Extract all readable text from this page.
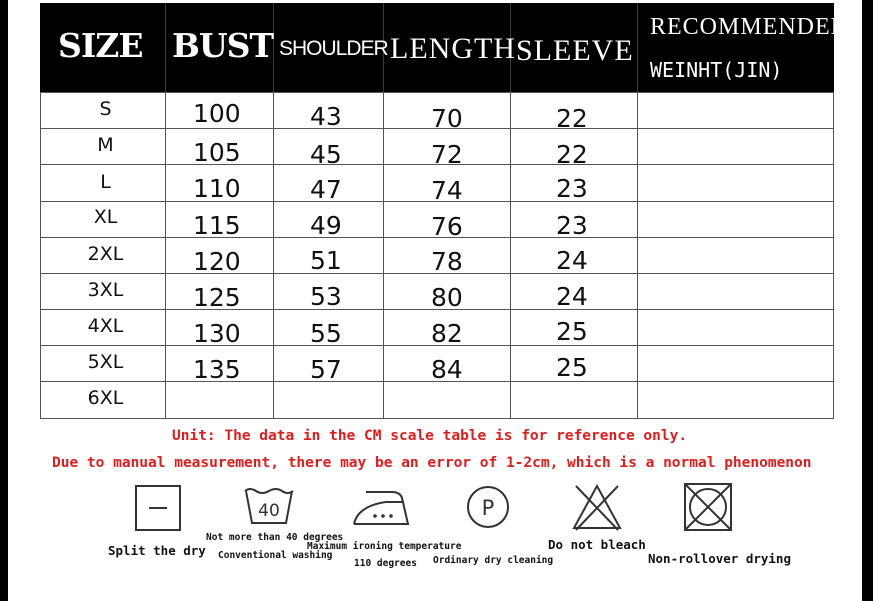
SIZE BUST SHOULDER LENGTH SLEEVE
RECOMMENDED
WEINHT(JIN)
S	100	43	70	22
M	105	45	72	22
L	110	47	74	23
XL	115	49	76	23
2XL	120	51	78	24
3XL	125	53	80	24
4XL	130	55	82	25
5XL	135	57	84	25
6XL
Unit: The data in the CM scale table is for reference only.
Due to manual measurement, there may be an error of 1-2cm, which is a normal phenomenon
40	P
Split the dry
Not more than 40 degrees
Conventional washing
Maximum ironing temperature
110 degrees Ordinary dry cleaning
Do not bleach
Non-rollover drying
